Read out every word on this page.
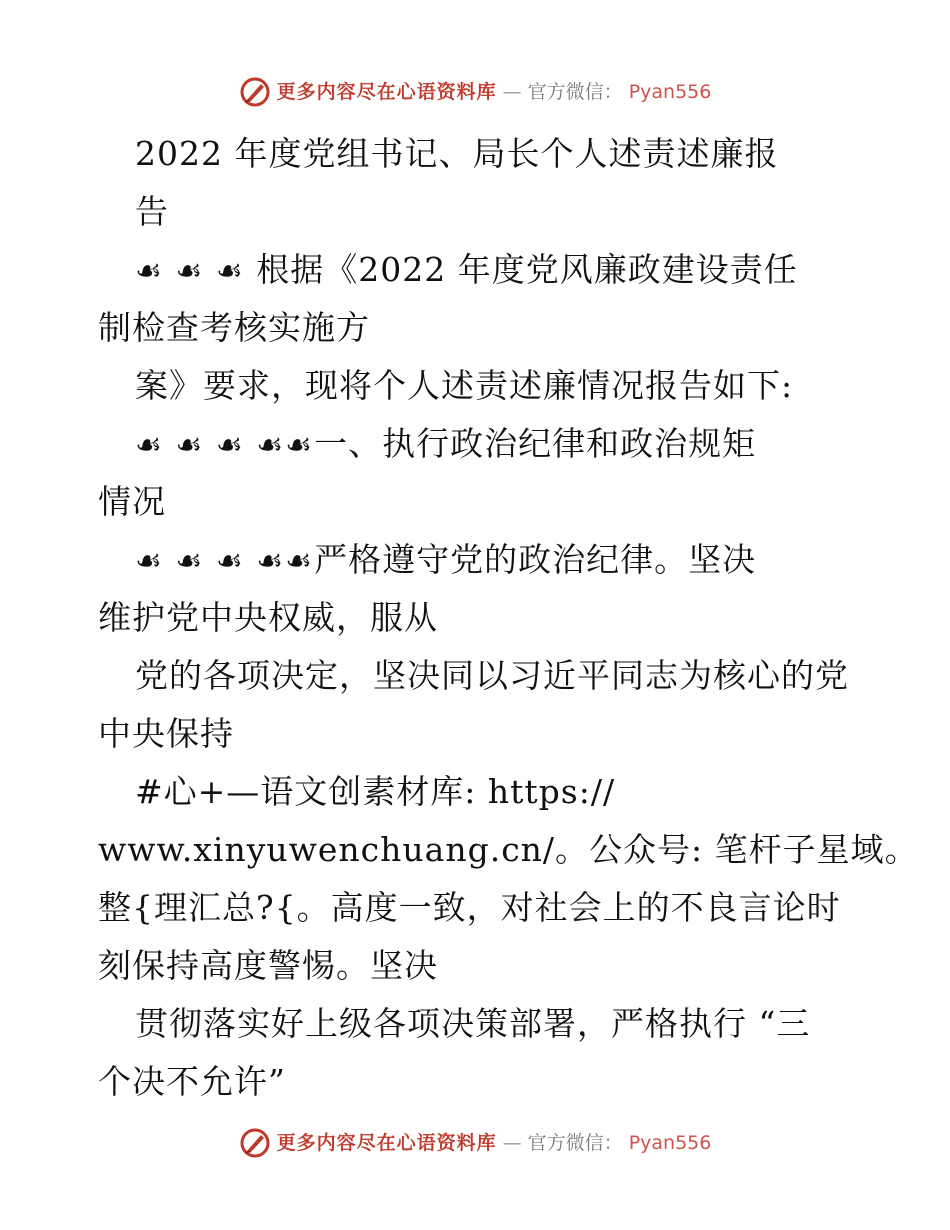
更多内容尽在心语资料库 — 官方微信： Pyan556
2022 年度党组书记、局长个人述责述廉报
告
☙ ☙ ☙ 根据《2022 年度党风廉政建设责任
制检查考核实施方
案》要求，现将个人述责述廉情况报告如下:
☙ ☙ ☙ ☙☙一、执行政治纪律和政治规矩
情况
☙ ☙ ☙ ☙☙严格遵守党的政治纪律。坚决
维护党中央权威，服从
党的各项决定，坚决同以习近平同志为核心的党
中央保持
#心+—语文创素材库: https://
www.xinyuwenchuang.cn/。公众号: 笔杆子星域。
整{理汇总?{。高度一致，对社会上的不良言论时
刻保持高度警惕。坚决
贯彻落实好上级各项决策部署，严格执行 “三
个决不允许”
更多内容尽在心语资料库 — 官方微信： Pyan556
